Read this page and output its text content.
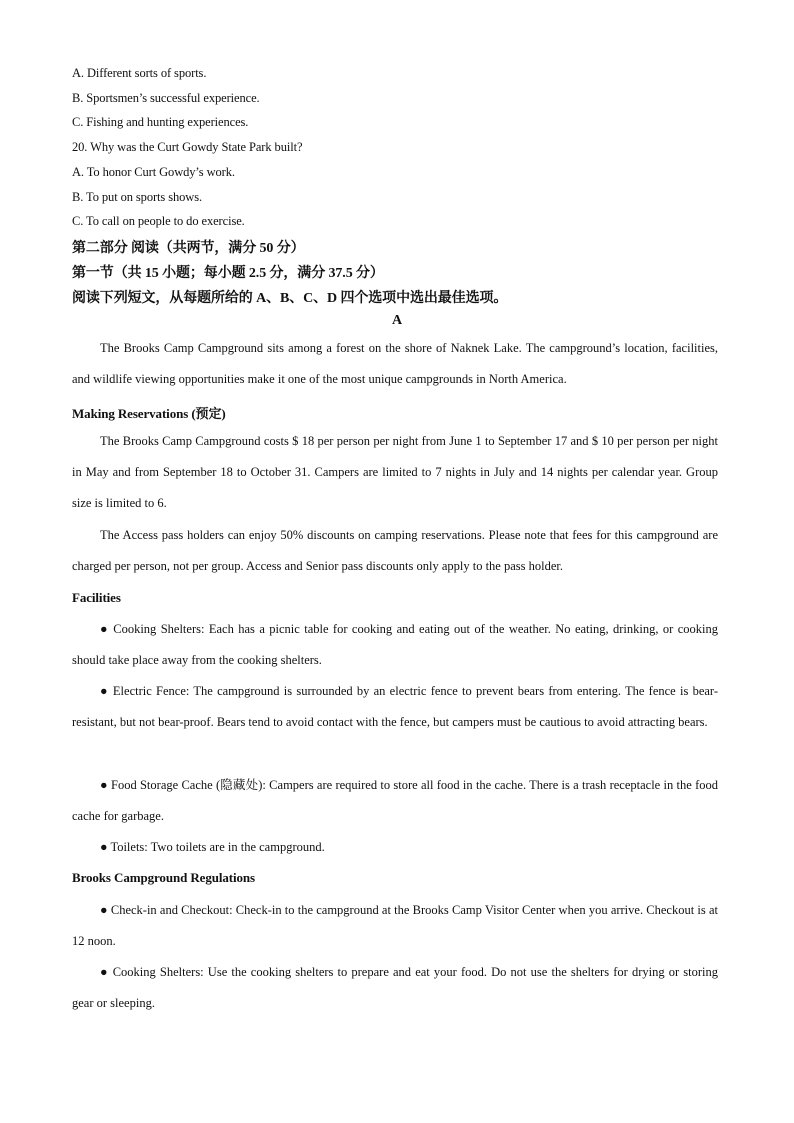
A. Different sorts of sports.
B. Sportsmen’s successful experience.
C. Fishing and hunting experiences.
20. Why was the Curt Gowdy State Park built?
A. To honor Curt Gowdy’s work.
B. To put on sports shows.
C. To call on people to do exercise.
第二部分 阅读（共两节，满分 50 分）
第一节（共 15 小题；每小题 2.5 分，满分 37.5 分）
阅读下列短文，从每题所给的 A、B、C、D 四个选项中选出最佳选项。
A
The Brooks Camp Campground sits among a forest on the shore of Naknek Lake. The campground’s location, facilities, and wildlife viewing opportunities make it one of the most unique campgrounds in North America.
Making Reservations (预定)
The Brooks Camp Campground costs $ 18 per person per night from June 1 to September 17 and $ 10 per person per night in May and from September 18 to October 31. Campers are limited to 7 nights in July and 14 nights per calendar year. Group size is limited to 6.
The Access pass holders can enjoy 50% discounts on camping reservations. Please note that fees for this campground are charged per person, not per group. Access and Senior pass discounts only apply to the pass holder.
Facilities
● Cooking Shelters: Each has a picnic table for cooking and eating out of the weather. No eating, drinking, or cooking should take place away from the cooking shelters.
● Electric Fence: The campground is surrounded by an electric fence to prevent bears from entering. The fence is bear-resistant, but not bear-proof. Bears tend to avoid contact with the fence, but campers must be cautious to avoid attracting bears.
● Food Storage Cache (隐藏处): Campers are required to store all food in the cache. There is a trash receptacle in the food cache for garbage.
● Toilets: Two toilets are in the campground.
Brooks Campground Regulations
● Check-in and Checkout: Check-in to the campground at the Brooks Camp Visitor Center when you arrive. Checkout is at 12 noon.
● Cooking Shelters: Use the cooking shelters to prepare and eat your food. Do not use the shelters for drying or storing gear or sleeping.
